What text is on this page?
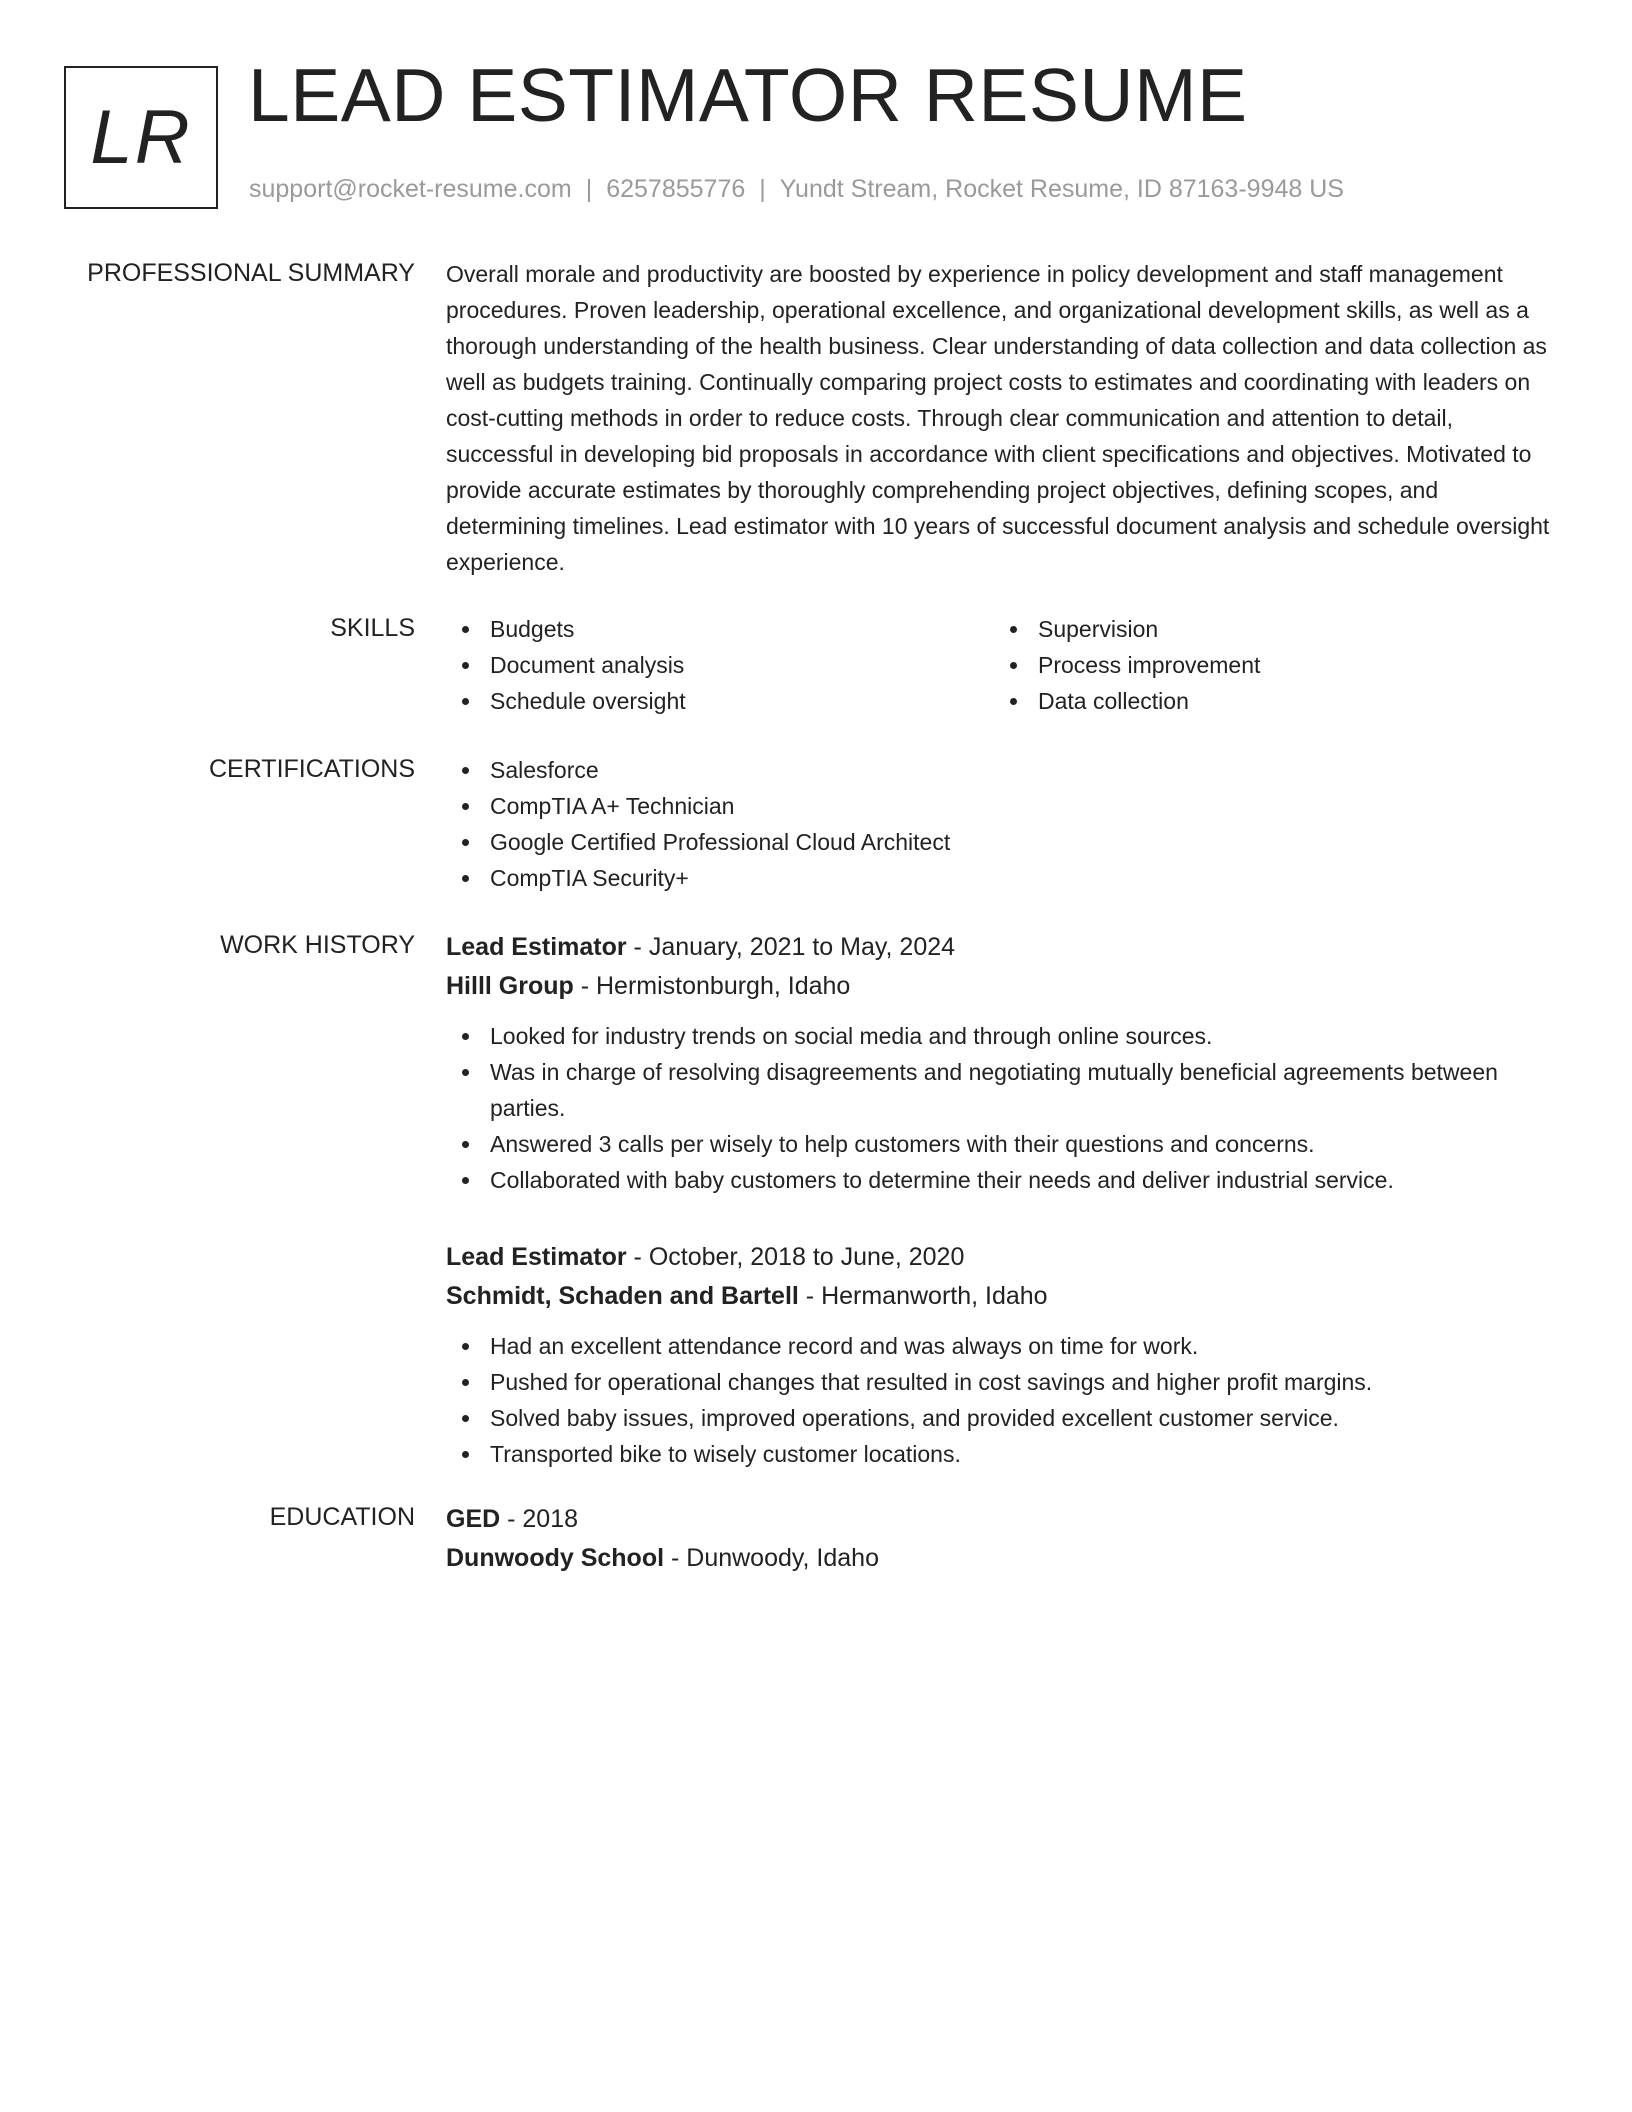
LR LEAD ESTIMATOR RESUME
support@rocket-resume.com | 6257855776 | Yundt Stream, Rocket Resume, ID 87163-9948 US
PROFESSIONAL SUMMARY Overall morale and productivity are boosted by experience in policy development and staff management procedures. Proven leadership, operational excellence, and organizational development skills, as well as a thorough understanding of the health business. Clear understanding of data collection and data collection as well as budgets training. Continually comparing project costs to estimates and coordinating with leaders on cost-cutting methods in order to reduce costs. Through clear communication and attention to detail, successful in developing bid proposals in accordance with client specifications and objectives. Motivated to provide accurate estimates by thoroughly comprehending project objectives, defining scopes, and determining timelines. Lead estimator with 10 years of successful document analysis and schedule oversight experience.
SKILLS	Budgets
Document analysis
Schedule oversight
Supervision
Process improvement
Data collection
CERTIFICATIONS	Salesforce
CompTIA A+ Technician
Google Certified Professional Cloud Architect
CompTIA Security+
WORK HISTORY Lead Estimator - January, 2021 to May, 2024
Hilll Group - Hermistonburgh, Idaho
Looked for industry trends on social media and through online sources.
Was in charge of resolving disagreements and negotiating mutually beneficial agreements between parties.
Answered 3 calls per wisely to help customers with their questions and concerns.
Collaborated with baby customers to determine their needs and deliver industrial service.
Lead Estimator - October, 2018 to June, 2020
Schmidt, Schaden and Bartell - Hermanworth, Idaho
Had an excellent attendance record and was always on time for work.
Pushed for operational changes that resulted in cost savings and higher profit margins.
Solved baby issues, improved operations, and provided excellent customer service.
Transported bike to wisely customer locations.
EDUCATION GED - 2018
Dunwoody School - Dunwoody, Idaho
